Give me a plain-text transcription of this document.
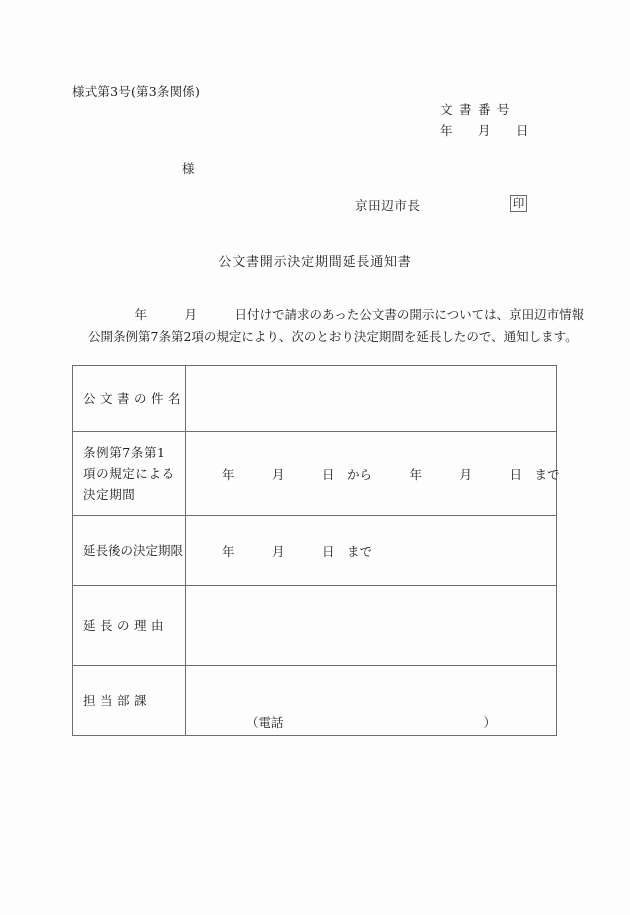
様式第3号(第3条関係)
文書番号
年　月　日
様
京田辺市長	印
公文書開示決定期間延長通知書
　　　　　年　　　月　　　日付けで請求のあった公文書の開示については、京田辺市情報
公開条例第7条第2項の規定により、次のとおり決定期間を延長したので、通知します。
公文書の件名	

条例第7条第1項の規定による決定期間	年　　　月　　　日　から　　　年　　　月　　　日　まで

延長後の決定期限	年　　　月　　　日　まで

延長の理由	

担当部課	（電話　　　　　　　　　　　　　　　　）
